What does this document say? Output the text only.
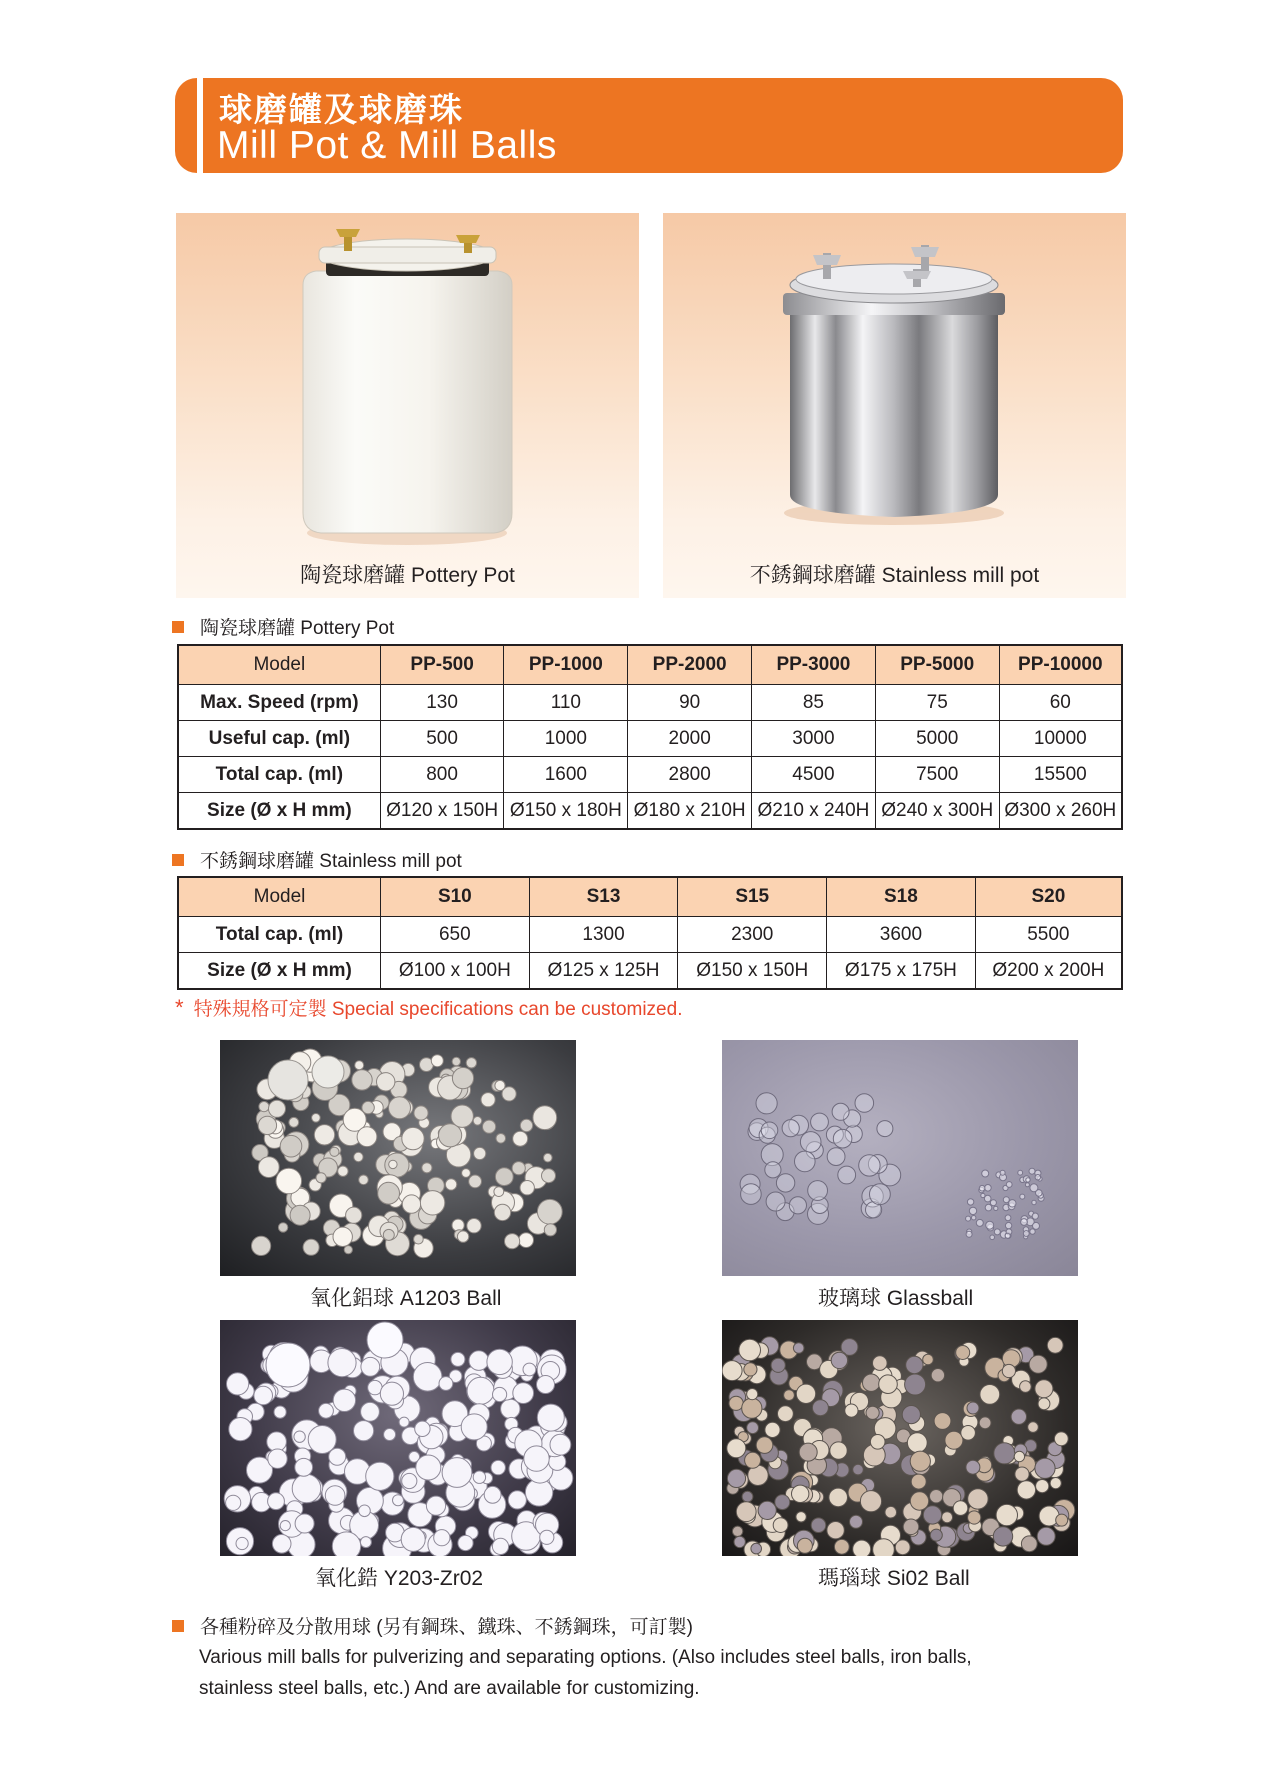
球磨罐及球磨珠
Mill Pot & Mill Balls
陶瓷球磨罐 Pottery Pot	不銹鋼球磨罐 Stainless mill pot
陶瓷球磨罐 Pottery Pot
Model	PP-500	PP-1000	PP-2000	PP-3000	PP-5000	PP-10000
Max. Speed (rpm)	130	110	90	85	75	60
Useful cap. (ml)	500	1000	2000	3000	5000	10000
Total cap. (ml)	800	1600	2800	4500	7500	15500
Size (Ø x H mm)	Ø120 x 150H	Ø150 x 180H	Ø180 x 210H	Ø210 x 240H	Ø240 x 300H	Ø300 x 260H
不銹鋼球磨罐 Stainless mill pot
Model	S10	S13	S15	S18	S20
Total cap. (ml)	650	1300	2300	3600	5500
Size (Ø x H mm)	Ø100 x 100H	Ø125 x 125H	Ø150 x 150H	Ø175 x 175H	Ø200 x 200H
* 特殊規格可定製 Special specifications can be customized.
氧化鋁球 A1203 Ball	玻璃球 Glassball
氧化鋯 Y203-Zr02	瑪瑙球 Si02 Ball
各種粉碎及分散用球 (另有鋼珠、鐵珠、不銹鋼珠，可訂製)
Various mill balls for pulverizing and separating options. (Also includes steel balls, iron balls,
stainless steel balls, etc.) And are available for customizing.
